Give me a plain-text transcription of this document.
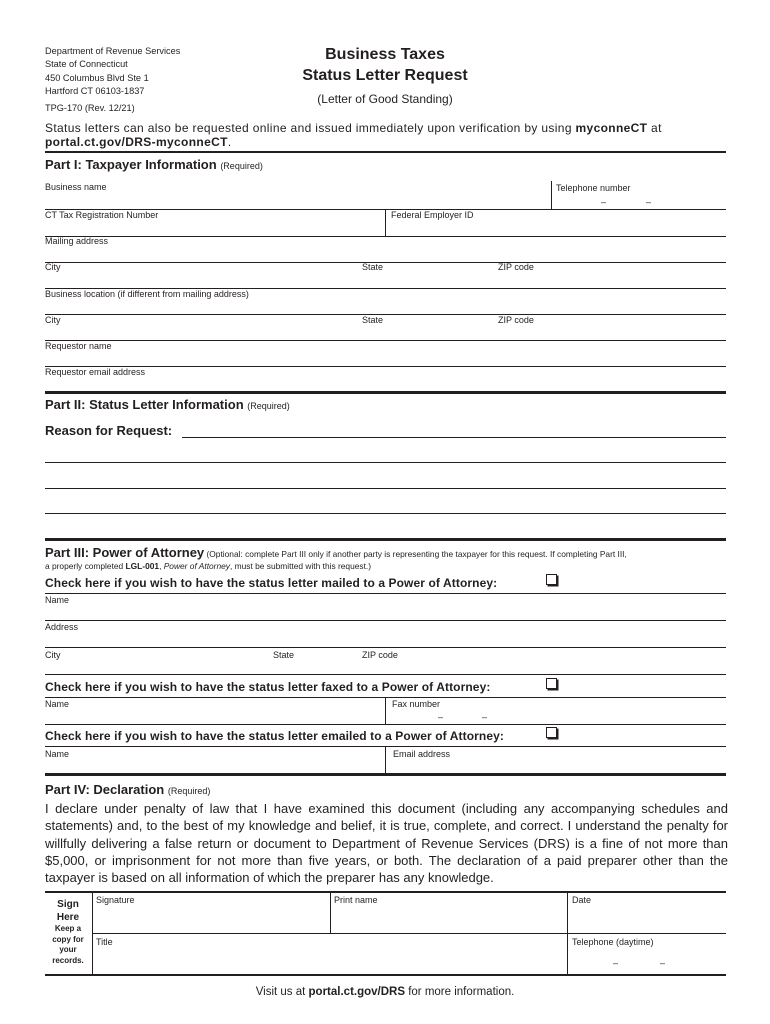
Department of Revenue Services
State of Connecticut
450 Columbus Blvd Ste 1
Hartford CT 06103-1837
TPG-170 (Rev. 12/21)
Business Taxes
Status Letter Request
(Letter of Good Standing)
Status letters can also be requested online and issued immediately upon verification by using myconneCT at portal.ct.gov/DRS-myconneCT.
Part I: Taxpayer Information (Required)
Business name	Telephone number
–	–
CT Tax Registration Number	Federal Employer ID
Mailing address
City	State	ZIP code
Business location (if different from mailing address)
City	State	ZIP code
Requestor name
Requestor email address
Part II: Status Letter Information (Required)
Reason for Request:
Part III: Power of Attorney (Optional: complete Part III only if another party is representing the taxpayer for this request. If completing Part III,
a properly completed LGL-001, Power of Attorney, must be submitted with this request.)
Check here if you wish to have the status letter mailed to a Power of Attorney:
Name
Address
City	State	ZIP code
Check here if you wish to have the status letter faxed to a Power of Attorney:
Name	Fax number
–	–
Check here if you wish to have the status letter emailed to a Power of Attorney:
Name	Email address
Part IV: Declaration (Required)
I declare under penalty of law that I have examined this document (including any accompanying schedules and statements) and, to the best of my knowledge and belief, it is true, complete, and correct. I understand the penalty for willfully delivering a false return or document to Department of Revenue Services (DRS) is a fine of not more than $5,000, or imprisonment for not more than five years, or both. The declaration of a paid preparer other than the taxpayer is based on all information of which the preparer has any knowledge.
Sign
Here
Keep a
copy for
your
records.
Signature	Print name	Date
Title	Telephone (daytime)
–	–
Visit us at portal.ct.gov/DRS for more information.
